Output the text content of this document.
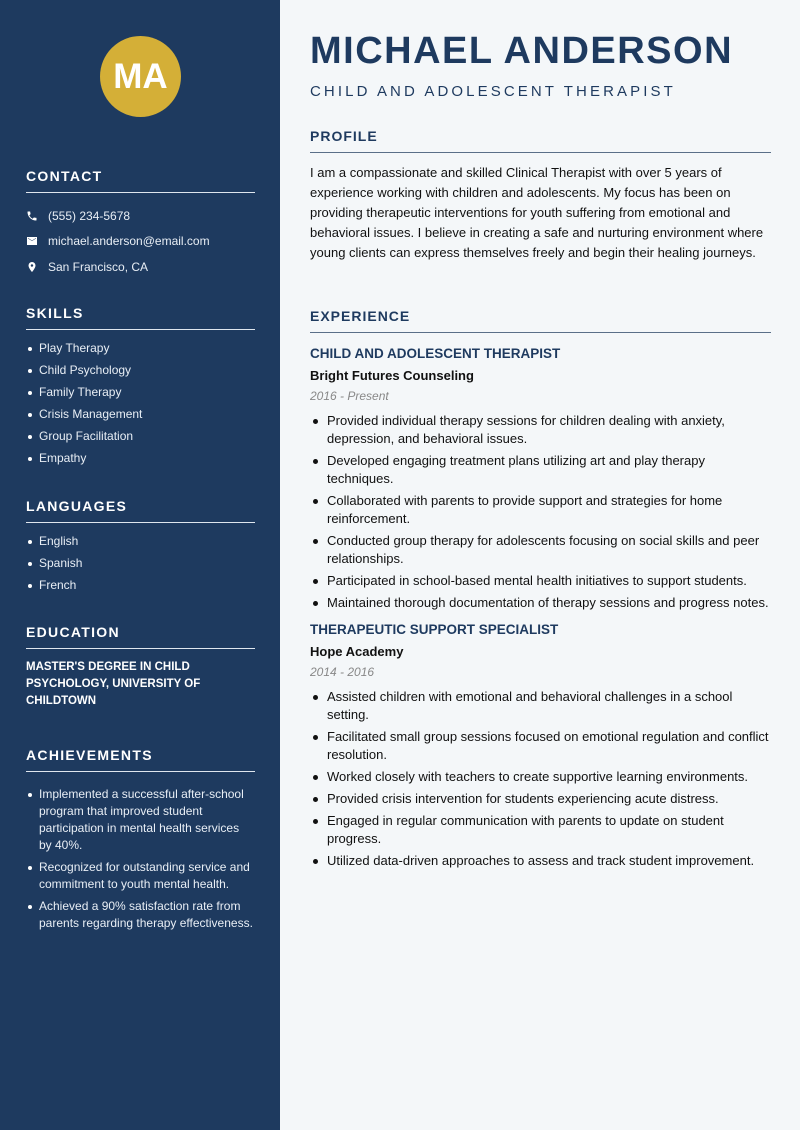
MA
CONTACT
(555) 234-5678
michael.anderson@email.com
San Francisco, CA
SKILLS
Play Therapy
Child Psychology
Family Therapy
Crisis Management
Group Facilitation
Empathy
LANGUAGES
English
Spanish
French
EDUCATION
MASTER'S DEGREE IN CHILD PSYCHOLOGY, UNIVERSITY OF CHILDTOWN
ACHIEVEMENTS
Implemented a successful after-school program that improved student participation in mental health services by 40%.
Recognized for outstanding service and commitment to youth mental health.
Achieved a 90% satisfaction rate from parents regarding therapy effectiveness.
MICHAEL ANDERSON
CHILD AND ADOLESCENT THERAPIST
PROFILE
I am a compassionate and skilled Clinical Therapist with over 5 years of experience working with children and adolescents. My focus has been on providing therapeutic interventions for youth suffering from emotional and behavioral issues. I believe in creating a safe and nurturing environment where young clients can express themselves freely and begin their healing journeys.
EXPERIENCE
CHILD AND ADOLESCENT THERAPIST
Bright Futures Counseling
2016 - Present
Provided individual therapy sessions for children dealing with anxiety, depression, and behavioral issues.
Developed engaging treatment plans utilizing art and play therapy techniques.
Collaborated with parents to provide support and strategies for home reinforcement.
Conducted group therapy for adolescents focusing on social skills and peer relationships.
Participated in school-based mental health initiatives to support students.
Maintained thorough documentation of therapy sessions and progress notes.
THERAPEUTIC SUPPORT SPECIALIST
Hope Academy
2014 - 2016
Assisted children with emotional and behavioral challenges in a school setting.
Facilitated small group sessions focused on emotional regulation and conflict resolution.
Worked closely with teachers to create supportive learning environments.
Provided crisis intervention for students experiencing acute distress.
Engaged in regular communication with parents to update on student progress.
Utilized data-driven approaches to assess and track student improvement.
